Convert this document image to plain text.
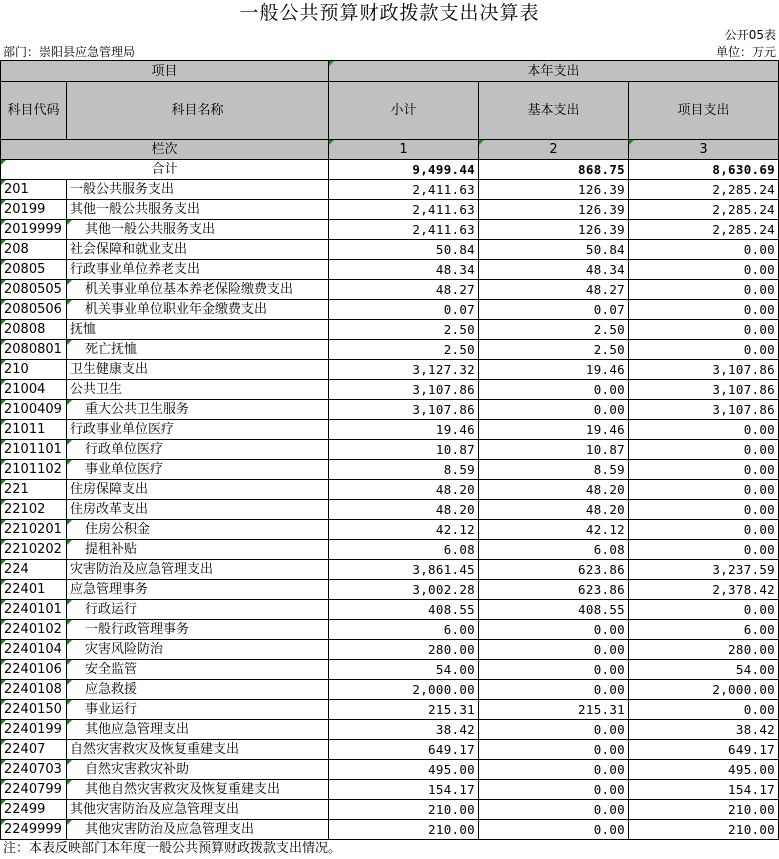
一般公共预算财政拨款支出决算表
公开05表
部门：崇阳县应急管理局	单位：万元
项目		本年支出		
科目代码	科目名称	小计	基本支出	项目支出
栏次		1	2	3
合计		9,499.44	868.75	8,630.69
201	一般公共服务支出	2,411.63	126.39	2,285.24
20199	其他一般公共服务支出	2,411.63	126.39	2,285.24
2019999	其他一般公共服务支出	2,411.63	126.39	2,285.24
208	社会保障和就业支出	50.84	50.84	0.00
20805	行政事业单位养老支出	48.34	48.34	0.00
2080505	机关事业单位基本养老保险缴费支出	48.27	48.27	0.00
2080506	机关事业单位职业年金缴费支出	0.07	0.07	0.00
20808	抚恤	2.50	2.50	0.00
2080801	死亡抚恤	2.50	2.50	0.00
210	卫生健康支出	3,127.32	19.46	3,107.86
21004	公共卫生	3,107.86	0.00	3,107.86
2100409	重大公共卫生服务	3,107.86	0.00	3,107.86
21011	行政事业单位医疗	19.46	19.46	0.00
2101101	行政单位医疗	10.87	10.87	0.00
2101102	事业单位医疗	8.59	8.59	0.00
221	住房保障支出	48.20	48.20	0.00
22102	住房改革支出	48.20	48.20	0.00
2210201	住房公积金	42.12	42.12	0.00
2210202	提租补贴	6.08	6.08	0.00
224	灾害防治及应急管理支出	3,861.45	623.86	3,237.59
22401	应急管理事务	3,002.28	623.86	2,378.42
2240101	行政运行	408.55	408.55	0.00
2240102	一般行政管理事务	6.00	0.00	6.00
2240104	灾害风险防治	280.00	0.00	280.00
2240106	安全监管	54.00	0.00	54.00
2240108	应急救援	2,000.00	0.00	2,000.00
2240150	事业运行	215.31	215.31	0.00
2240199	其他应急管理支出	38.42	0.00	38.42
22407	自然灾害救灾及恢复重建支出	649.17	0.00	649.17
2240703	自然灾害救灾补助	495.00	0.00	495.00
2240799	其他自然灾害救灾及恢复重建支出	154.17	0.00	154.17
22499	其他灾害防治及应急管理支出	210.00	0.00	210.00
2249999	其他灾害防治及应急管理支出	210.00	0.00	210.00
注：本表反映部门本年度一般公共预算财政拨款支出情况。
